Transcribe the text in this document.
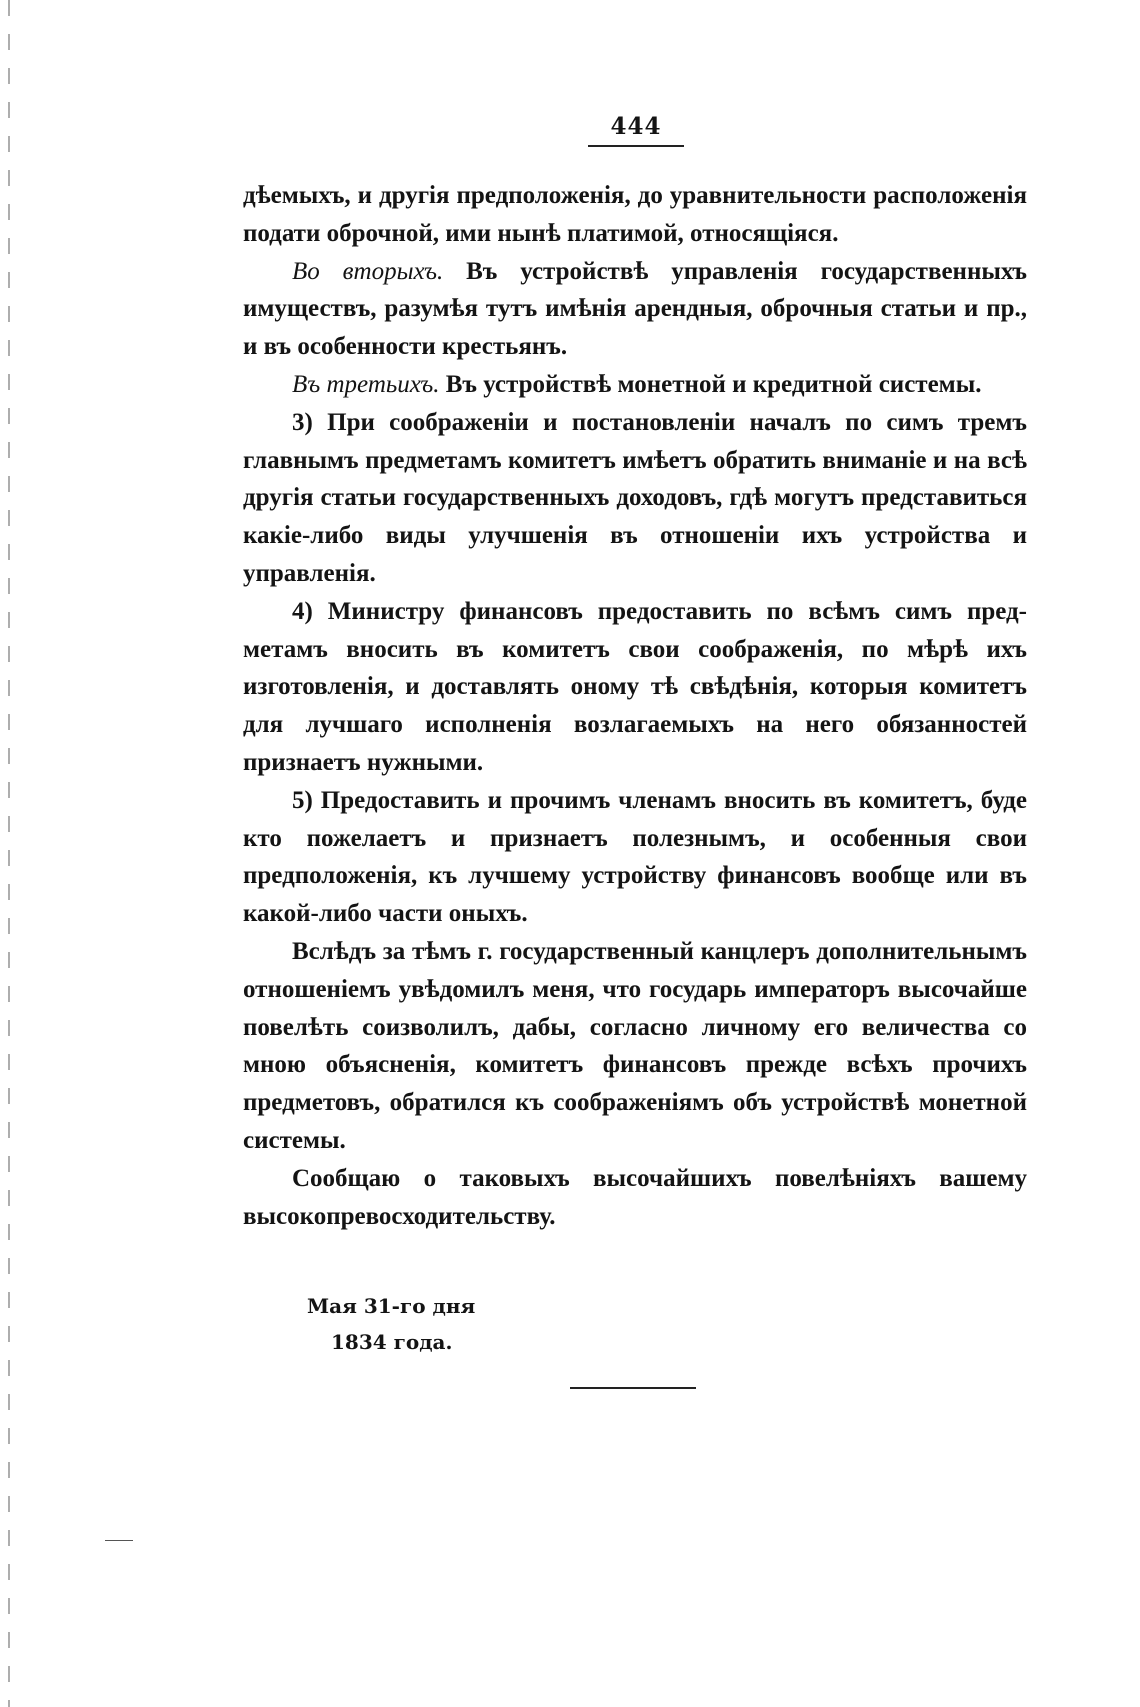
444

дѣемыхъ, и другія предположенія, до уравнительности расположенія подати оброчной, ими нынѣ платимой, относящіяся.

Во вторыхъ. Въ устройствѣ управленія государственныхъ имуществъ, разумѣя тутъ имѣнія арендныя, оброчныя статьи и пр., и въ особенности крестьянъ.

Въ третьихъ. Въ устройствѣ монетной и кредитной системы.

3) При соображеніи и постановленіи началъ по симъ тремъ главнымъ предметамъ комитетъ имѣетъ обратить вниманіе и на всѣ другія статьи государственныхъ доходовъ, гдѣ могутъ представиться какіе-либо виды улучшенія въ отношеніи ихъ устройства и управленія.

4) Министру финансовъ предоставить по всѣмъ симъ предметамъ вносить въ комитетъ свои соображенія, по мѣрѣ ихъ изготовленія, и доставлять оному тѣ свѣдѣнія, которыя комитетъ для лучшаго исполненія возлагаемыхъ на него обязанностей признаетъ нужными.

5) Предоставить и прочимъ членамъ вносить въ комитетъ, буде кто пожелаетъ и признаетъ полезнымъ, и особенныя свои предположенія, къ лучшему устройству финансовъ вообще или въ какой-либо части оныхъ.

Вслѣдъ за тѣмъ г. государственный канцлеръ дополнительнымъ отношеніемъ увѣдомилъ меня, что государь императоръ высочайше повелѣть соизволилъ, дабы, согласно личному его величества со мною объясненія, комитетъ финансовъ прежде всѣхъ прочихъ предметовъ, обратился къ соображеніямъ объ устройствѣ монетной системы.

Сообщаю о таковыхъ высочайшихъ повелѣніяхъ вашему высокопревосходительству.

Мая 31-го дня
1834 года.
